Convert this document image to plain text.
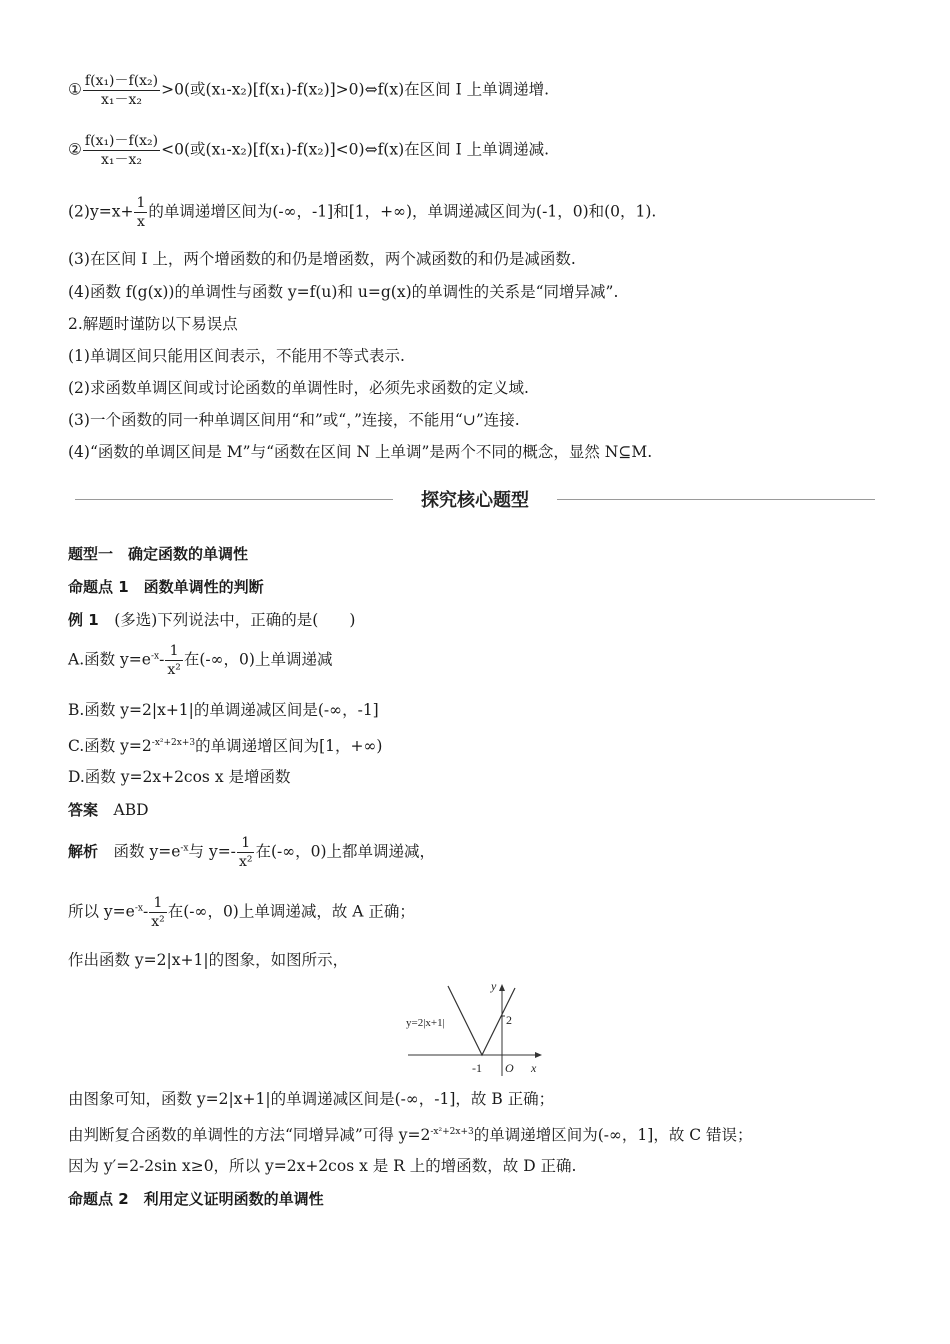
① $\frac{\text{f(x₁)－f(x₂)}}{\text{x₁－x₂}} >0$(或(x₁-x₂)[f(x₁)-f(x₂)]>0)⇔f(x)在区间 I 上单调递增.
② $\frac{\text{f(x₁)－f(x₂)}}{\text{x₁－x₂}} <0$(或(x₁-x₂)[f(x₁)-f(x₂)]<0)⇔f(x)在区间 I 上单调递减.
$(2)y=x+ \frac{1}{x}$ 的单调递增区间为(-∞，-1]和[1，+∞)，单调递减区间为(-1，0)和(0，1).
(3)在区间 I 上，两个增函数的和仍是增函数，两个减函数的和仍是减函数.
(4)函数 f(g(x))的单调性与函数 y=f(u)和 u=g(x)的单调性的关系是“同增异减”.
2.解题时谨防以下易误点
(1)单调区间只能用区间表示，不能用不等式表示.
(2)求函数单调区间或讨论函数的单调性时，必须先求函数的定义域.
(3)一个函数的同一种单调区间用“和”或“，”连接，不能用“∪”连接.
(4)“函数的单调区间是 M”与“函数在区间 N 上单调”是两个不同的概念，显然 N⊆M.
探究核心题型
题型一　确定函数的单调性
命题点 1　函数单调性的判断
例 1　 (多选)下列说法中，正确的是(　　)
A.函数 $y=e^{-x}- \frac{1}{\text{x²}}$ 在(-∞，0)上单调递减
B.函数 y=2|x+1|的单调递减区间是(-∞，-1]
C.函数 $y=2^{-x^2+2x+3}$的单调递增区间为[1，+∞)
D.函数 y=2x+2cos x 是增函数
答案　 ABD
解析　 函数 $y=e^{-x}$与 $y=- \frac{1}{\text{x²}}$ 在(-∞，0)上都单调递减，
所以 $y=e^{-x}- \frac{1}{\text{x²}}$ 在(-∞，0)上单调递减，故 A 正确；
作出函数 y=2|x+1|的图象，如图所示，
y=2|x+1|
y
x
O
2
-1
由图象可知，函数 y=2|x+1|的单调递减区间是(-∞，-1]，故 B 正确；
由判断复合函数的单调性的方法“同增异减”可得 $y=2^{-x^2+2x+3}$的单调递增区间为(-∞，1]，故 C 错误；
因为 y′=2-2sin x≥0，所以 y=2x+2cos x 是 R 上的增函数，故 D 正确.
命题点 2　利用定义证明函数的单调性
